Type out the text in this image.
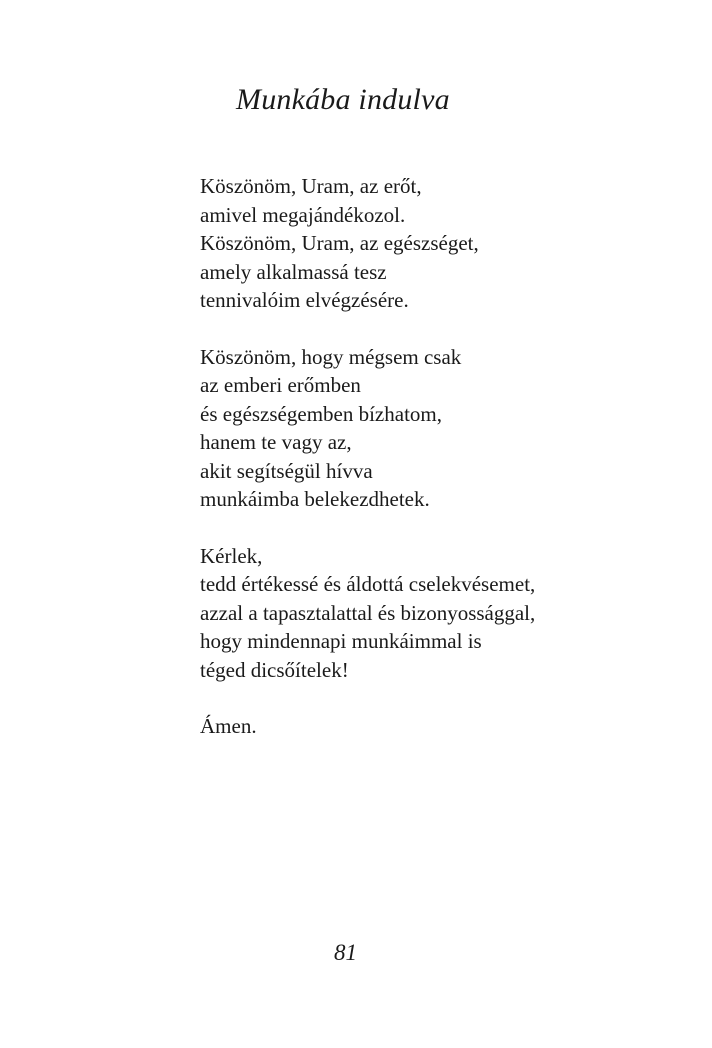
Munkába indulva
Köszönöm, Uram, az erőt,
amivel megajándékozol.
Köszönöm, Uram, az egészséget,
amely alkalmassá tesz
tennivalóim elvégzésére.
Köszönöm, hogy mégsem csak
az emberi erőmben
és egészségemben bízhatom,
hanem te vagy az,
akit segítségül hívva
munkáimba belekezdhetek.
Kérlek,
tedd értékessé és áldottá cselekvésemet,
azzal a tapasztalattal és bizonyossággal,
hogy mindennapi munkáimmal is
téged dicsőítelek!
Ámen.
81
